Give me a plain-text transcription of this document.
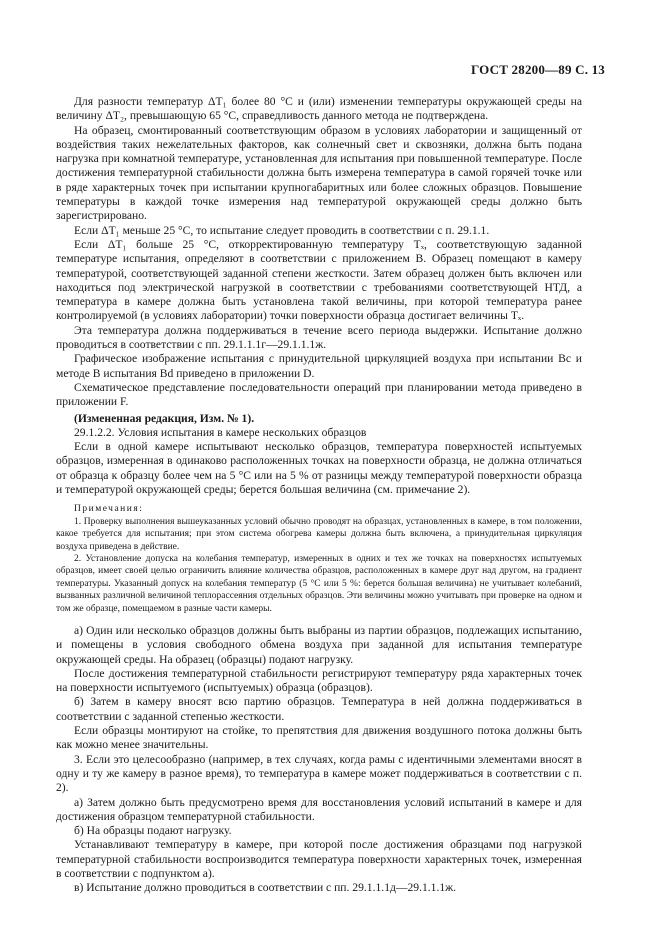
ГОСТ 28200—89 С. 13

Для разности температур ΔT₁ более 80 °С и (или) изменении температуры окружающей среды на величину ΔT₂, превышающую 65 °С, справедливость данного метода не подтверждена.

На образец, смонтированный соответствующим образом в условиях лаборатории и защищенный от воздействия таких нежелательных факторов, как солнечный свет и сквозняки, должна быть подана нагрузка при комнатной температуре, установленная для испытания при повышенной температуре. После достижения температурной стабильности должна быть измерена температура в самой горячей точке или в ряде характерных точек при испытании крупногабаритных или более сложных образцов. Повышение температуры в каждой точке измерения над температурой окружающей среды должно быть зарегистрировано.

Если ΔT₁ меньше 25 °С, то испытание следует проводить в соответствии с п. 29.1.1.

Если ΔT₁ больше 25 °С, откорректированную температуру Tₓ, соответствующую заданной температуре испытания, определяют в соответствии с приложением В. Образец помещают в камеру температурой, соответствующей заданной степени жесткости. Затем образец должен быть включен или находиться под электрической нагрузкой в соответствии с требованиями соответствующей НТД, а температура в камере должна быть установлена такой величины, при которой температура ранее контролируемой (в условиях лаборатории) точки поверхности образца достигает величины Tₓ.

Эта температура должна поддерживаться в течение всего периода выдержки. Испытание должно проводиться в соответствии с пп. 29.1.1.1г—29.1.1.1ж.

Графическое изображение испытания с принудительной циркуляцией воздуха при испытании Вс и методе В испытания Bd приведено в приложении D.

Схематическое представление последовательности операций при планировании метода приведено в приложении F.

(Измененная редакция, Изм. № 1).

29.1.2.2. Условия испытания в камере нескольких образцов

Если в одной камере испытывают несколько образцов, температура поверхностей испытуемых образцов, измеренная в одинаково расположенных точках на поверхности образца, не должна отличаться от образца к образцу более чем на 5 °С или на 5 % от разницы между температурой поверхности образца и температурой окружающей среды; берется большая величина (см. примечание 2).

Примечания:

1. Проверку выполнения вышеуказанных условий обычно проводят на образцах, установленных в камере, в том положении, какое требуется для испытания; при этом система обогрева камеры должна быть включена, а принудительная циркуляция воздуха приведена в действие.

2. Установление допуска на колебания температур, измеренных в одних и тех же точках на поверхностях испытуемых образцов, имеет своей целью ограничить влияние количества образцов, расположенных в камере друг над другом, на градиент температуры. Указанный допуск на колебания температур (5 °С или 5 %: берется большая величина) не учитывает колебаний, вызванных различной величиной теплорассеяния отдельных образцов. Эти величины можно учитывать при проверке на одном и том же образце, помещаемом в разные части камеры.

а) Один или несколько образцов должны быть выбраны из партии образцов, подлежащих испытанию, и помещены в условия свободного обмена воздуха при заданной для испытания температуре окружающей среды. На образец (образцы) подают нагрузку.

После достижения температурной стабильности регистрируют температуру ряда характерных точек на поверхности испытуемого (испытуемых) образца (образцов).

б) Затем в камеру вносят всю партию образцов. Температура в ней должна поддерживаться в соответствии с заданной степенью жесткости.

Если образцы монтируют на стойке, то препятствия для движения воздушного потока должны быть как можно менее значительны.

3. Если это целесообразно (например, в тех случаях, когда рамы с идентичными элементами вносят в одну и ту же камеру в разное время), то температура в камере может поддерживаться в соответствии с п. 2).

а) Затем должно быть предусмотрено время для восстановления условий испытаний в камере и для достижения образцом температурной стабильности.

б) На образцы подают нагрузку.

Устанавливают температуру в камере, при которой после достижения образцами под нагрузкой температурной стабильности воспроизводится температура поверхности характерных точек, измеренная в соответствии с подпунктом а).

в) Испытание должно проводиться в соответствии с пп. 29.1.1.1д—29.1.1.1ж.
